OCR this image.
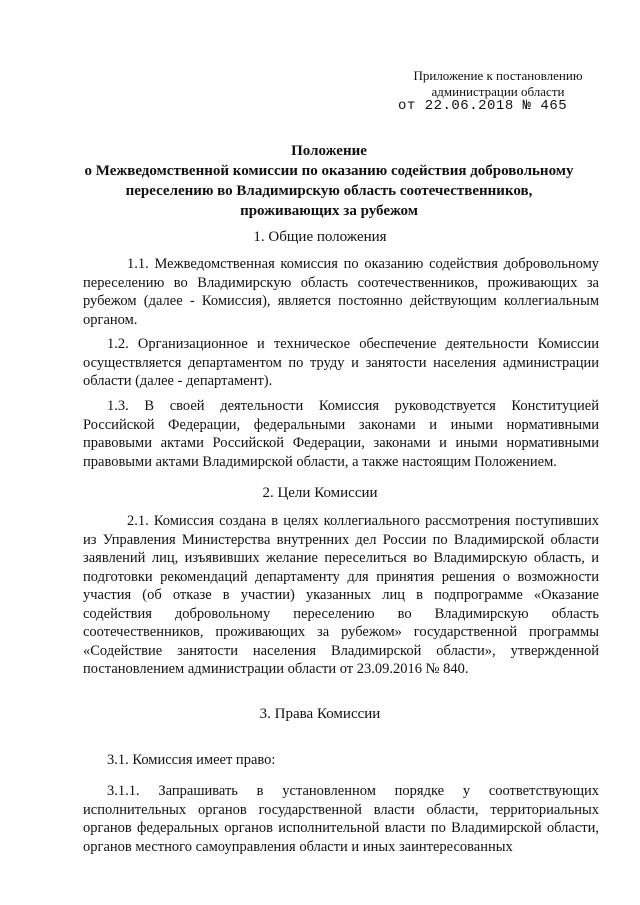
Приложение к постановлению
администрации области
от 22.06.2018 № 465
Положение
о Межведомственной комиссии по оказанию содействия добровольному
переселению во Владимирскую область соотечественников,
проживающих за рубежом
1. Общие положения

1.1. Межведомственная комиссия по оказанию содействия добровольному переселению во Владимирскую область соотечественников, проживающих за рубежом (далее - Комиссия), является постоянно действующим коллегиальным органом.

1.2. Организационное и техническое обеспечение деятельности Комиссии осуществляется департаментом по труду и занятости населения администрации области (далее - департамент).

1.3. В своей деятельности Комиссия руководствуется Конституцией Российской Федерации, федеральными законами и иными нормативными правовыми актами Российской Федерации, законами и иными нормативными правовыми актами Владимирской области, а также настоящим Положением.

2. Цели Комиссии

2.1. Комиссия создана в целях коллегиального рассмотрения поступивших из Управления Министерства внутренних дел России по Владимирской области заявлений лиц, изъявивших желание переселиться во Владимирскую область, и подготовки рекомендаций департаменту для принятия решения о возможности участия (об отказе в участии) указанных лиц в подпрограмме «Оказание содействия добровольному переселению во Владимирскую область соотечественников, проживающих за рубежом» государственной программы «Содействие занятости населения Владимирской области», утвержденной постановлением администрации области от 23.09.2016 № 840.

3. Права Комиссии

3.1. Комиссия имеет право:

3.1.1. Запрашивать в установленном порядке у соответствующих исполнительных органов государственной власти области, территориальных органов федеральных органов исполнительной власти по Владимирской области, органов местного самоуправления области и иных заинтересованных
